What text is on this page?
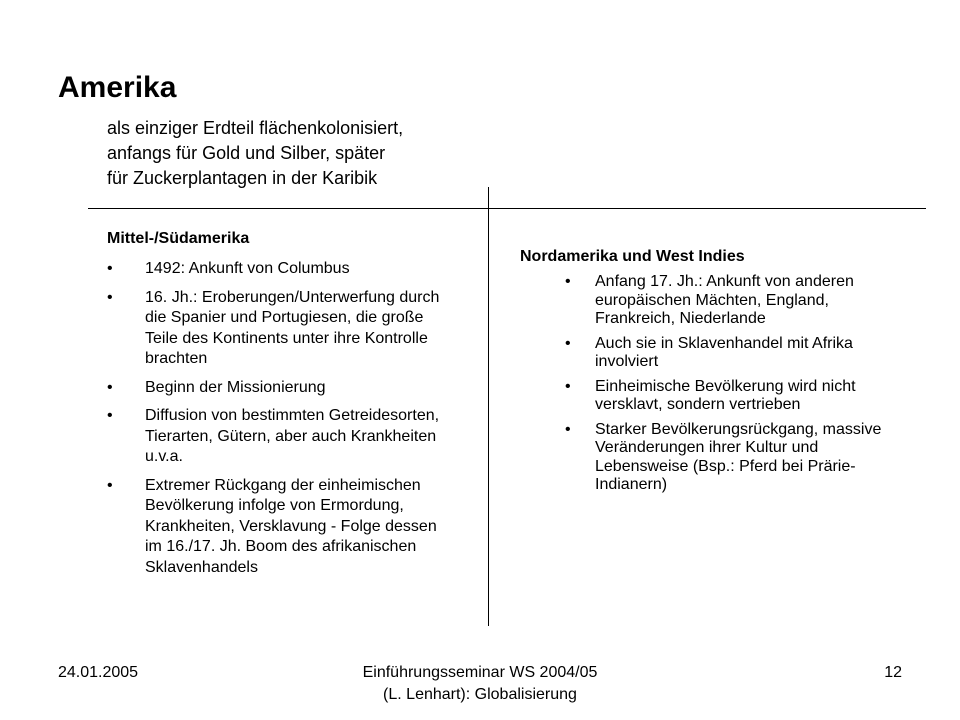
Amerika
als einziger Erdteil flächenkolonisiert,
anfangs für Gold und Silber, später
für Zuckerplantagen in der Karibik
Mittel-/Südamerika
• 1492: Ankunft von Columbus
• 16. Jh.: Eroberungen/Unterwerfung durch die Spanier und Portugiesen, die große Teile des Kontinents unter ihre Kontrolle brachten
• Beginn der Missionierung
• Diffusion von bestimmten Getreidesorten, Tierarten, Gütern, aber auch Krankheiten u.v.a.
• Extremer Rückgang der einheimischen Bevölkerung infolge von Ermordung, Krankheiten, Versklavung - Folge dessen im 16./17. Jh. Boom des afrikanischen Sklavenhandels
Nordamerika und West Indies
• Anfang 17. Jh.: Ankunft von anderen europäischen Mächten, England, Frankreich, Niederlande
• Auch sie in Sklavenhandel mit Afrika involviert
• Einheimische Bevölkerung wird nicht versklavt, sondern vertrieben
• Starker Bevölkerungsrückgang, massive Veränderungen ihrer Kultur und Lebensweise (Bsp.: Pferd bei Prärie-Indianern)
24.01.2005	Einführungsseminar WS 2004/05
(L. Lenhart): Globalisierung
12
